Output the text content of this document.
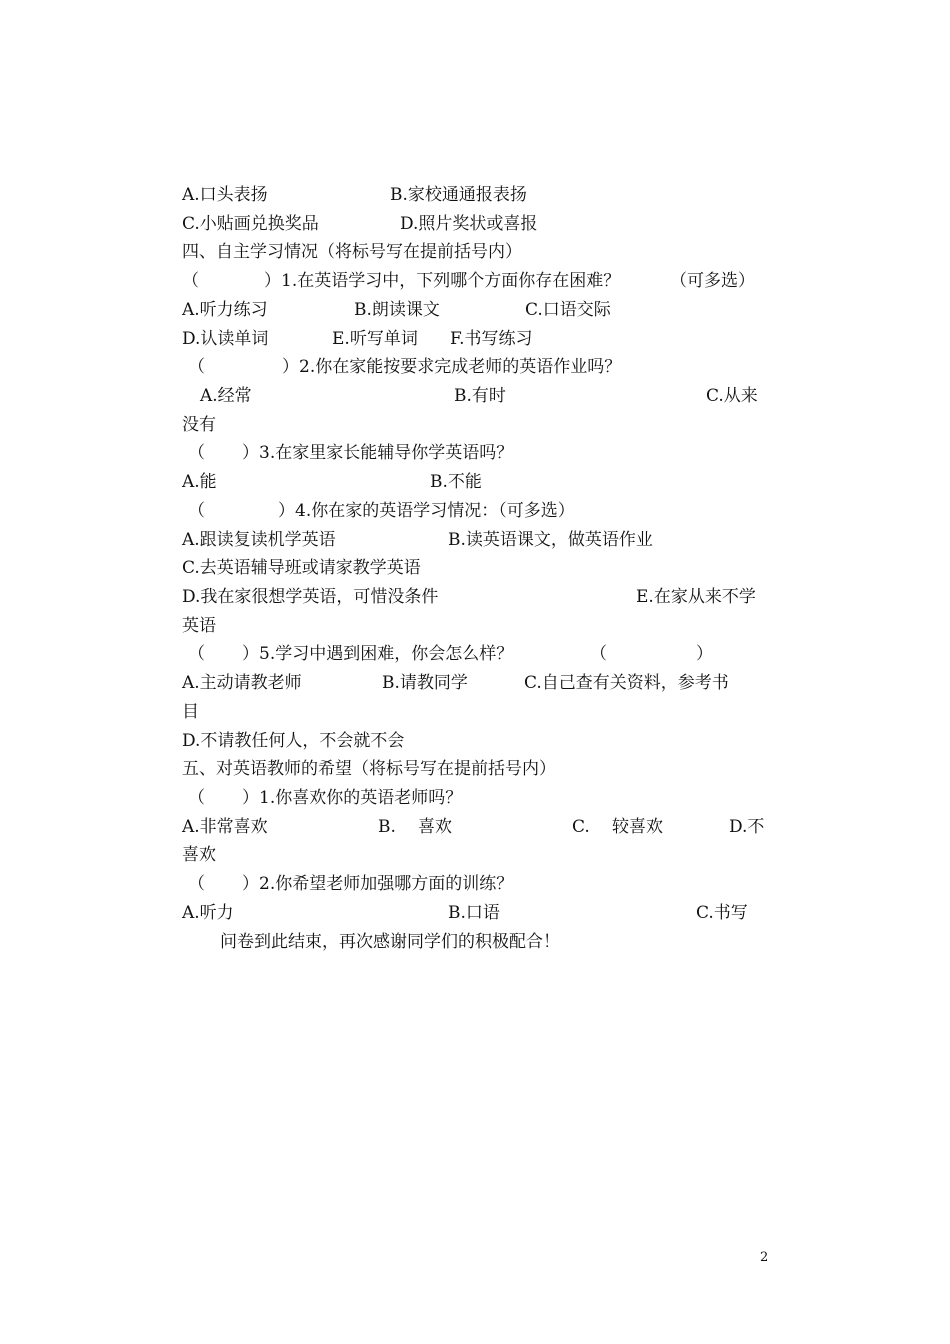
A.口头表扬	B.家校通通报表扬
C.小贴画兑换奖品	D.照片奖状或喜报
四、自主学习情况（将标号写在提前括号内）
（	）1.在英语学习中，下列哪个方面你存在困难？	（可多选）
A.听力练习	B.朗读课文	C.口语交际
D.认读单词	E.听写单词 F.书写练习
（	）2.你在家能按要求完成老师的英语作业吗？
A.经常	B.有时	C.从来
没有
（ ）3.在家里家长能辅导你学英语吗？
A.能	B.不能
（	）4.你在家的英语学习情况：（可多选）
A.跟读复读机学英语	B.读英语课文，做英语作业
C.去英语辅导班或请家教学英语
D.我在家很想学英语，可惜没条件	E.在家从来不学
英语
（ ）5.学习中遇到困难，你会怎么样？	（	）
A.主动请教老师	B.请教同学	C.自己查有关资料，参考书
目
D.不请教任何人，不会就不会
五、对英语教师的希望（将标号写在提前括号内）
（ ）1.你喜欢你的英语老师吗？
A.非常喜欢	B. 喜欢	C. 较喜欢	D.不
喜欢
（ ）2.你希望老师加强哪方面的训练？
A.听力	B.口语	C.书写
问卷到此结束，再次感谢同学们的积极配合！
2
